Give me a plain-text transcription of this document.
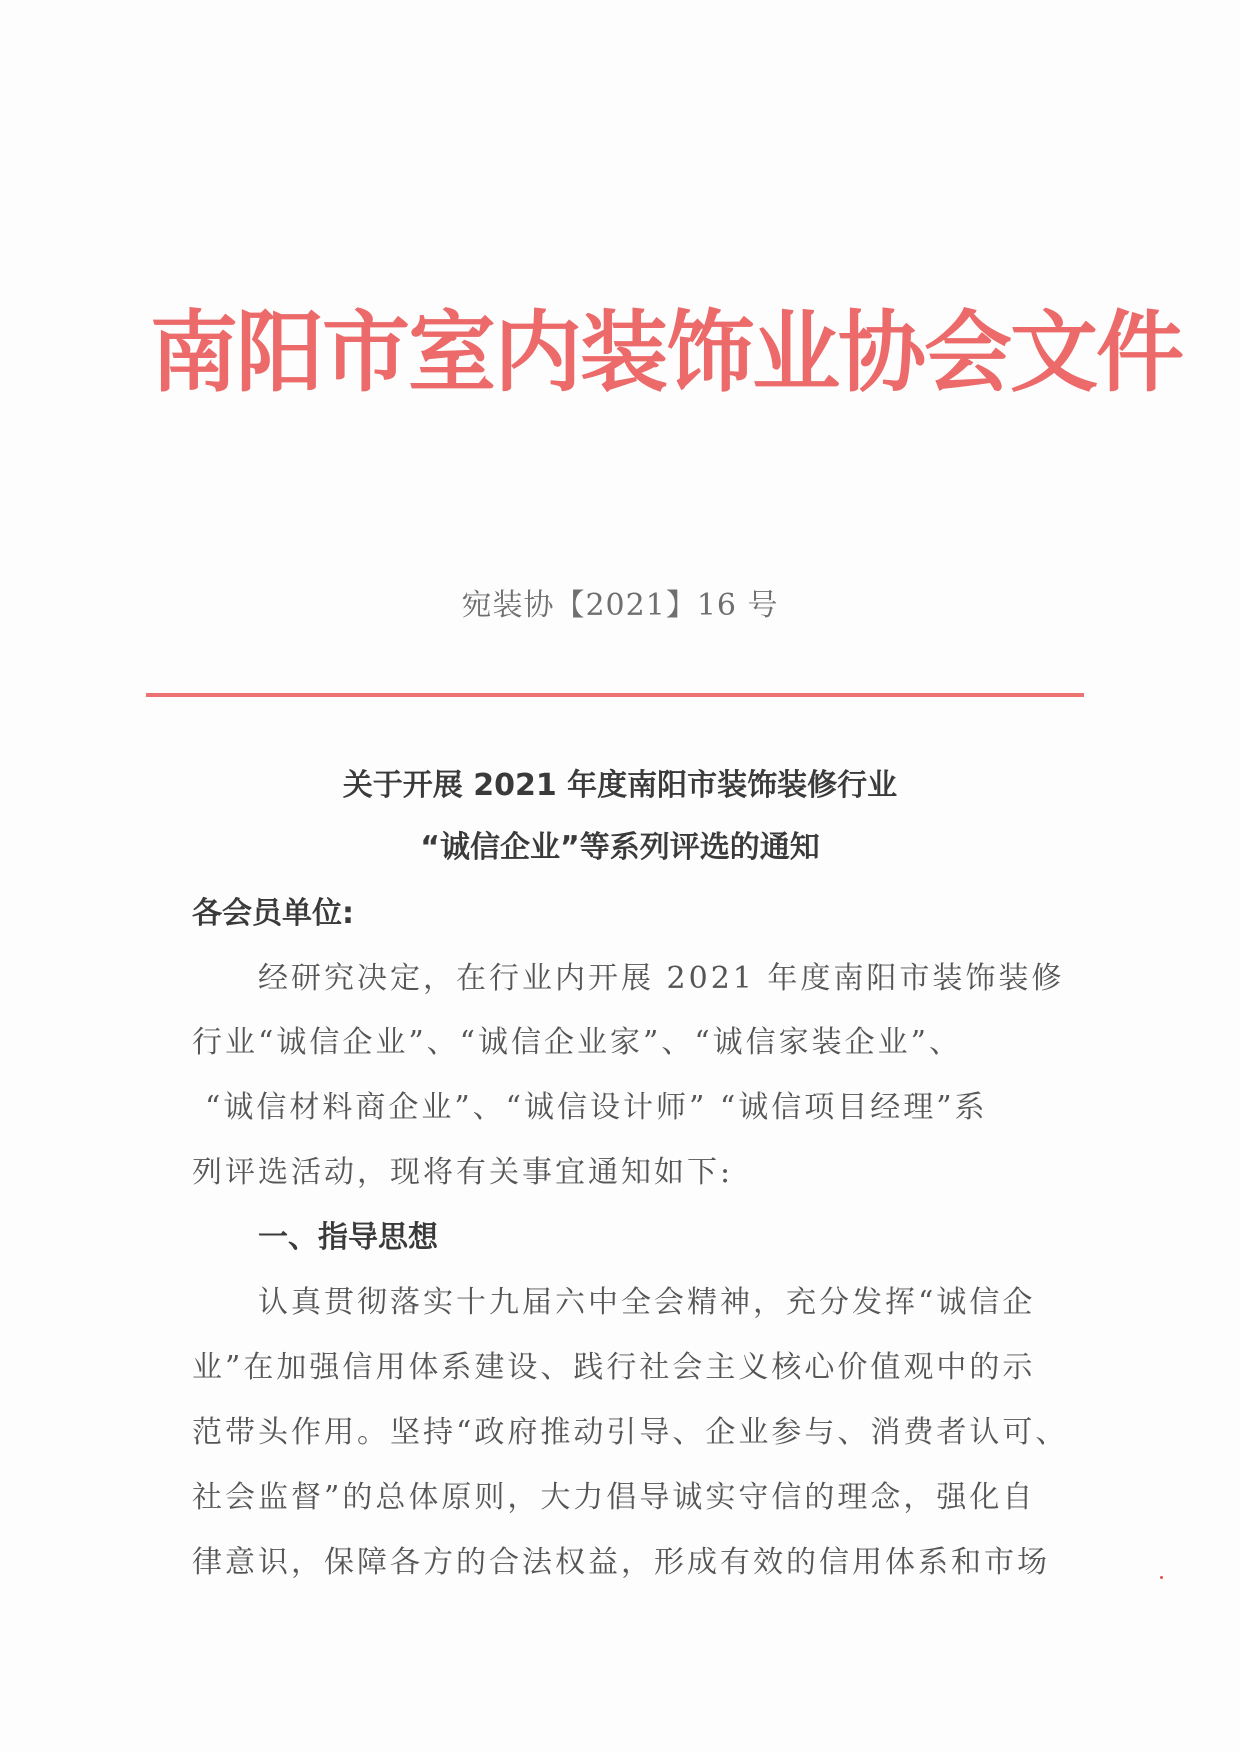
南阳市室内装饰业协会文件
宛装协【2021】16 号
关于开展 2021 年度南阳市装饰装修行业
“诚信企业”等系列评选的通知
各会员单位:
经研究决定，在行业内开展 2021 年度南阳市装饰装修
行业“诚信企业”、“诚信企业家”、“诚信家装企业”、
“诚信材料商企业”、“诚信设计师” “诚信项目经理”系
列评选活动，现将有关事宜通知如下:
一、指导思想
认真贯彻落实十九届六中全会精神，充分发挥“诚信企
业”在加强信用体系建设、践行社会主义核心价值观中的示
范带头作用。坚持“政府推动引导、企业参与、消费者认可、
社会监督”的总体原则，大力倡导诚实守信的理念，强化自
律意识，保障各方的合法权益，形成有效的信用体系和市场
